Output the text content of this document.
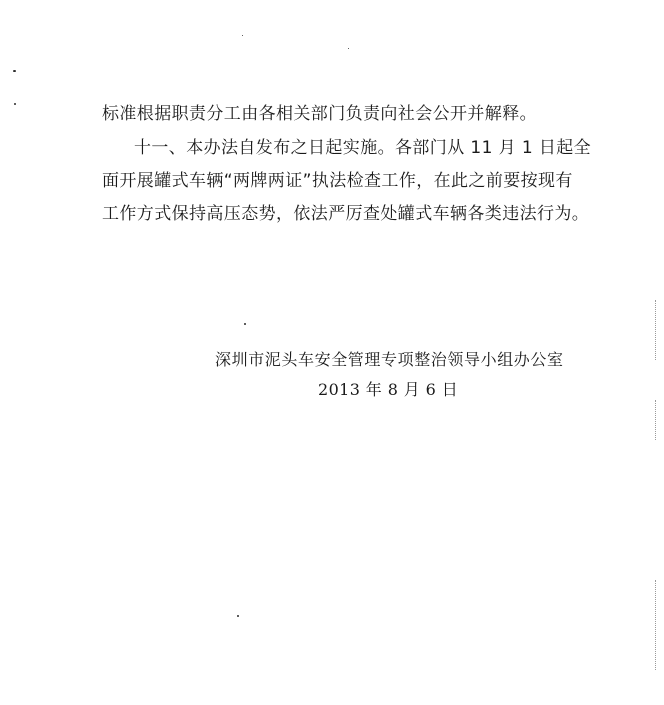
标准根据职责分工由各相关部门负责向社会公开并解释。
十一、本办法自发布之日起实施。各部门从 11 月 1 日起全
面开展罐式车辆“两牌两证”执法检查工作，在此之前要按现有
工作方式保持高压态势，依法严厉查处罐式车辆各类违法行为。
深圳市泥头车安全管理专项整治领导小组办公室
2013 年 8 月 6 日
